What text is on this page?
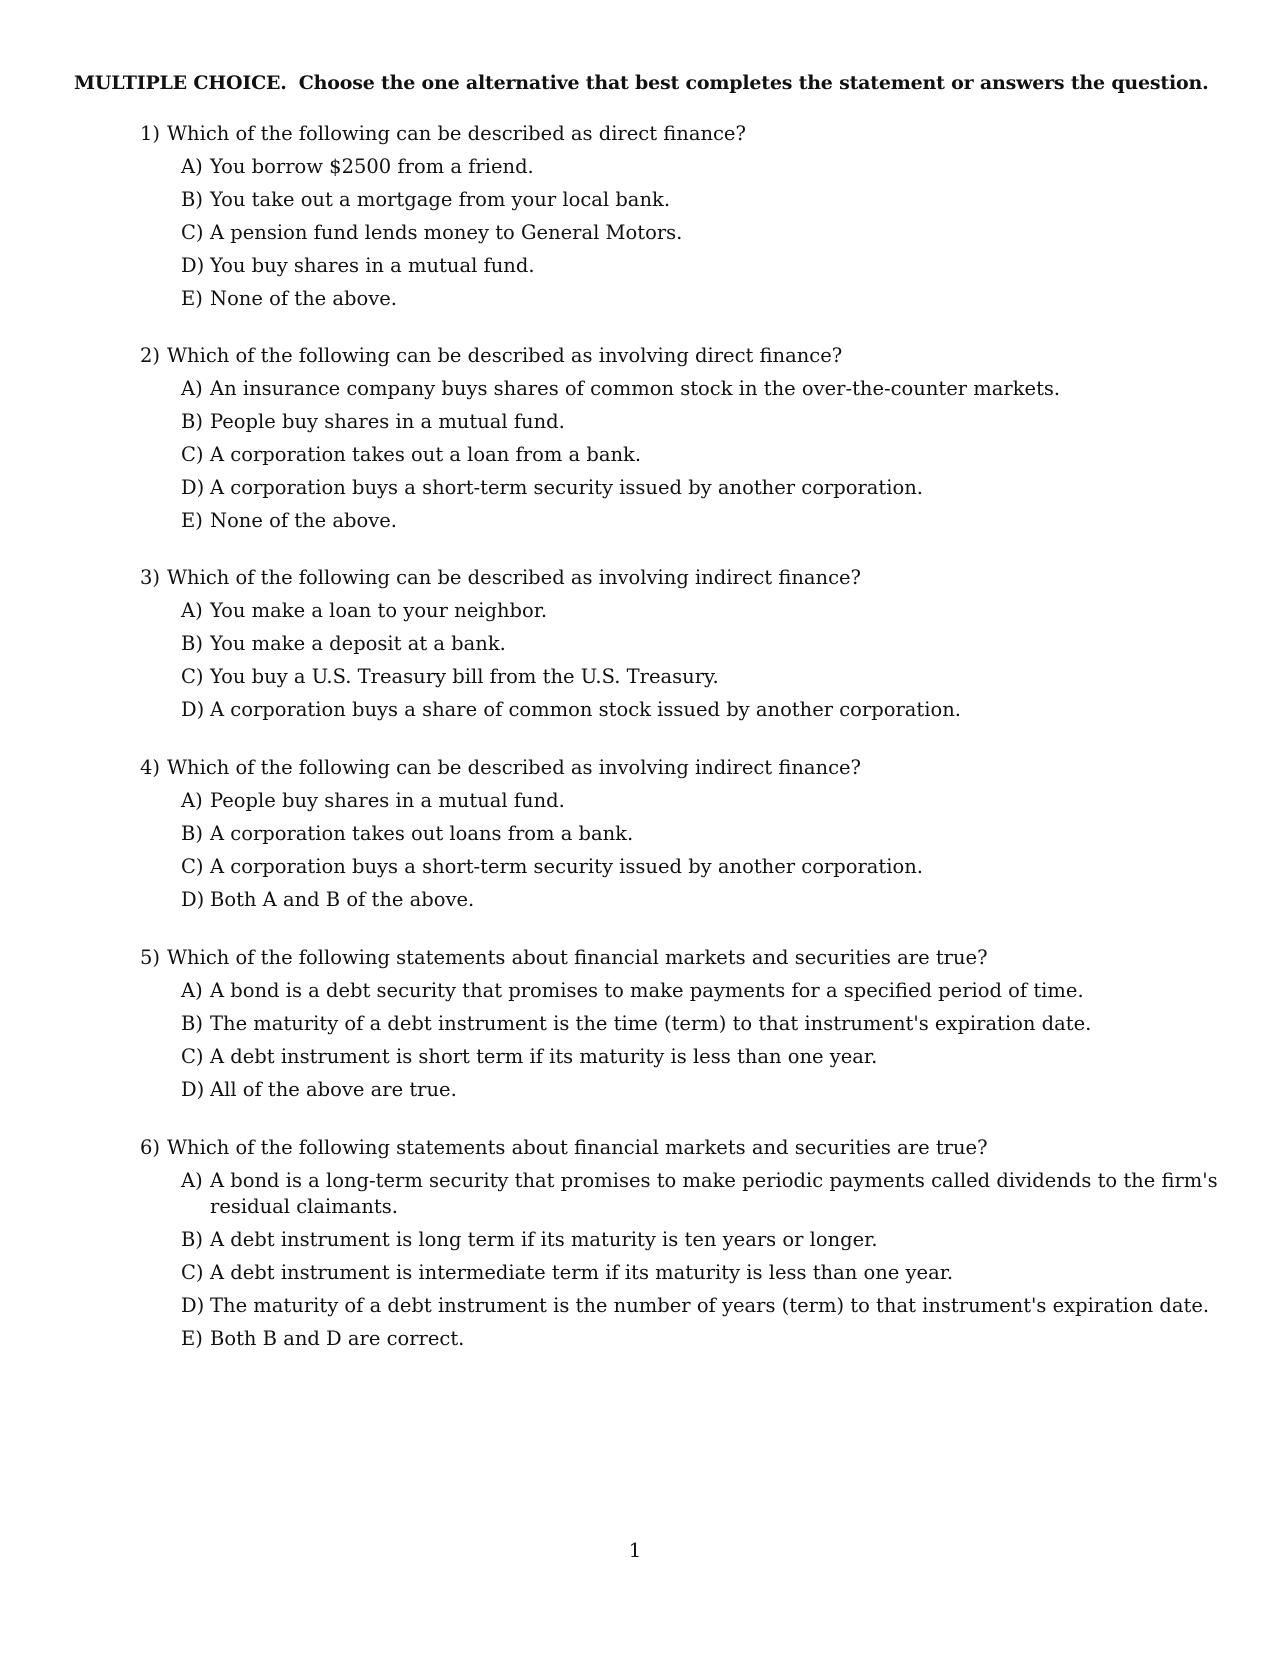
MULTIPLE CHOICE. Choose the one alternative that best completes the statement or answers the question.
1) Which of the following can be described as direct finance?
A) You borrow $2500 from a friend.
B) You take out a mortgage from your local bank.
C) A pension fund lends money to General Motors.
D) You buy shares in a mutual fund.
E) None of the above.
2) Which of the following can be described as involving direct finance?
A) An insurance company buys shares of common stock in the over-the-counter markets.
B) People buy shares in a mutual fund.
C) A corporation takes out a loan from a bank.
D) A corporation buys a short-term security issued by another corporation.
E) None of the above.
3) Which of the following can be described as involving indirect finance?
A) You make a loan to your neighbor.
B) You make a deposit at a bank.
C) You buy a U.S. Treasury bill from the U.S. Treasury.
D) A corporation buys a share of common stock issued by another corporation.
4) Which of the following can be described as involving indirect finance?
A) People buy shares in a mutual fund.
B) A corporation takes out loans from a bank.
C) A corporation buys a short-term security issued by another corporation.
D) Both A and B of the above.
5) Which of the following statements about financial markets and securities are true?
A) A bond is a debt security that promises to make payments for a specified period of time.
B) The maturity of a debt instrument is the time (term) to that instrument's expiration date.
C) A debt instrument is short term if its maturity is less than one year.
D) All of the above are true.
6) Which of the following statements about financial markets and securities are true?
A) A bond is a long-term security that promises to make periodic payments called dividends to the firm's
residual claimants.
B) A debt instrument is long term if its maturity is ten years or longer.
C) A debt instrument is intermediate term if its maturity is less than one year.
D) The maturity of a debt instrument is the number of years (term) to that instrument's expiration date.
E) Both B and D are correct.
1
